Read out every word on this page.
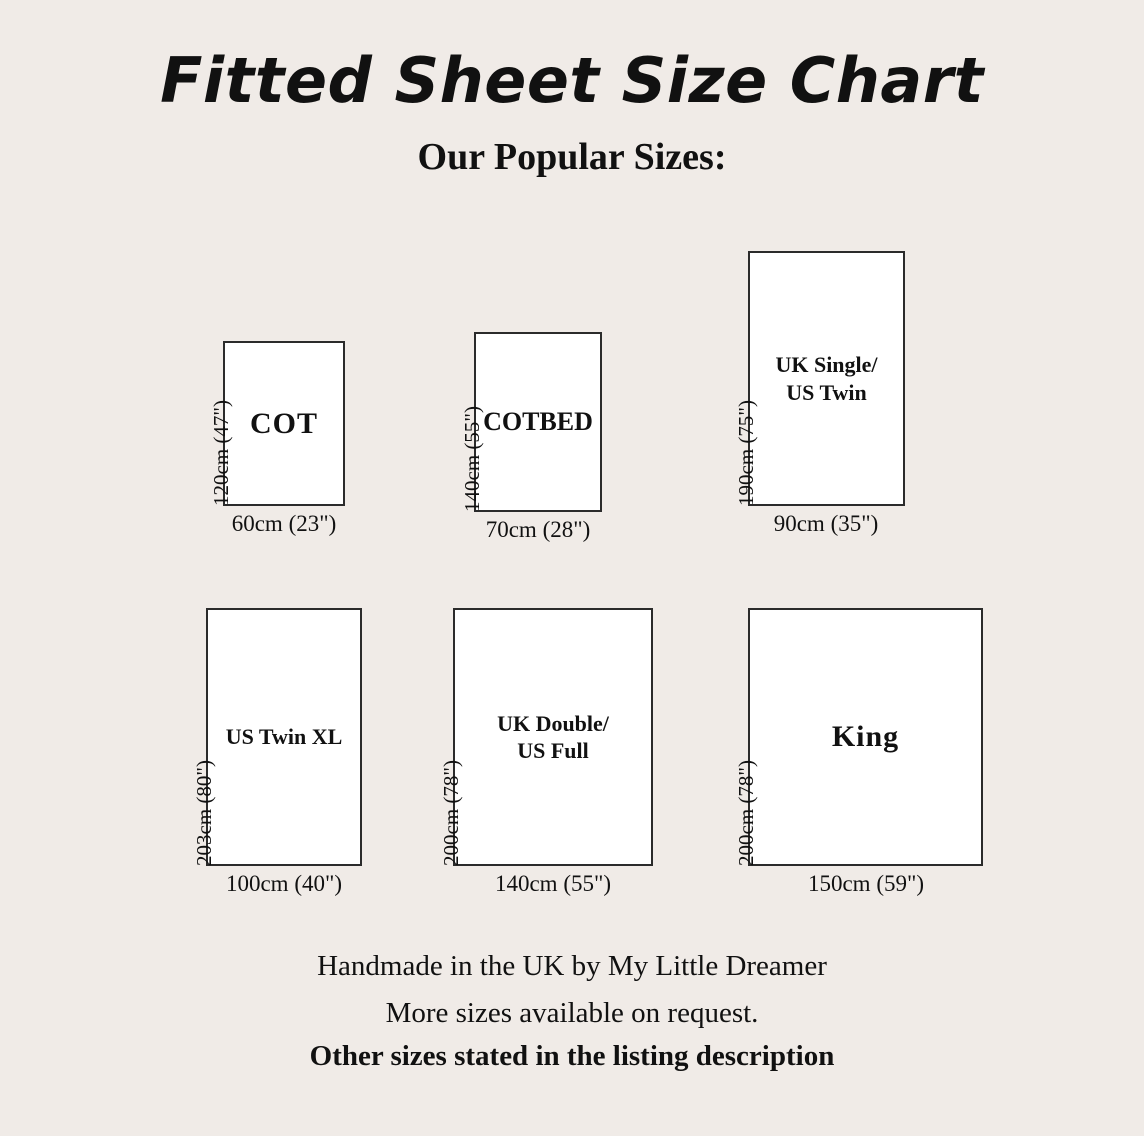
Fitted Sheet Size Chart
Our Popular Sizes:
COT
120cm (47")
60cm (23")
COTBED
140cm (55")
70cm (28")
UK Single/
US Twin
190cm (75")
90cm (35")
US Twin XL
203cm (80")
100cm (40")
UK Double/
US Full
200cm (78")
140cm (55")
King
200cm (78")
150cm (59")
Handmade in the UK by My Little Dreamer
More sizes available on request.
Other sizes stated in the listing description
